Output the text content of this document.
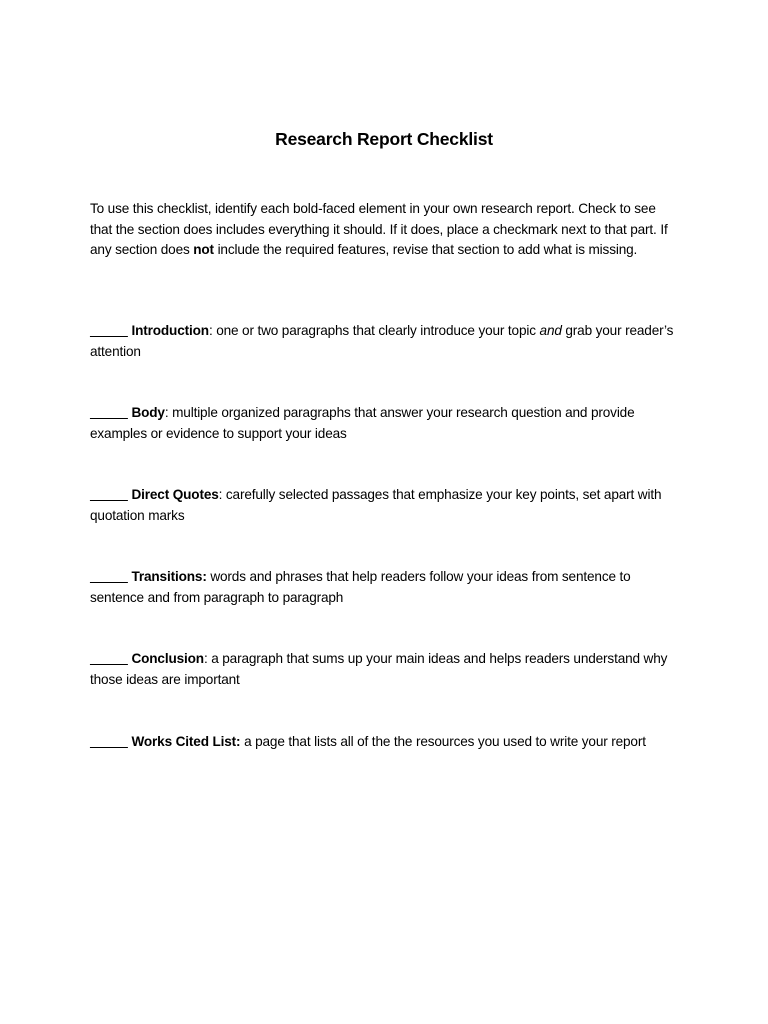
Research Report Checklist

To use this checklist, identify each bold-faced element in your own research report. Check to see that the section does includes everything it should. If it does, place a checkmark next to that part. If any section does not include the required features, revise that section to add what is missing.

_____ Introduction: one or two paragraphs that clearly introduce your topic and grab your reader’s attention

_____ Body: multiple organized paragraphs that answer your research question and provide examples or evidence to support your ideas

_____ Direct Quotes: carefully selected passages that emphasize your key points, set apart with quotation marks

_____ Transitions: words and phrases that help readers follow your ideas from sentence to sentence and from paragraph to paragraph

_____ Conclusion: a paragraph that sums up your main ideas and helps readers understand why those ideas are important

_____ Works Cited List: a page that lists all of the the resources you used to write your report
